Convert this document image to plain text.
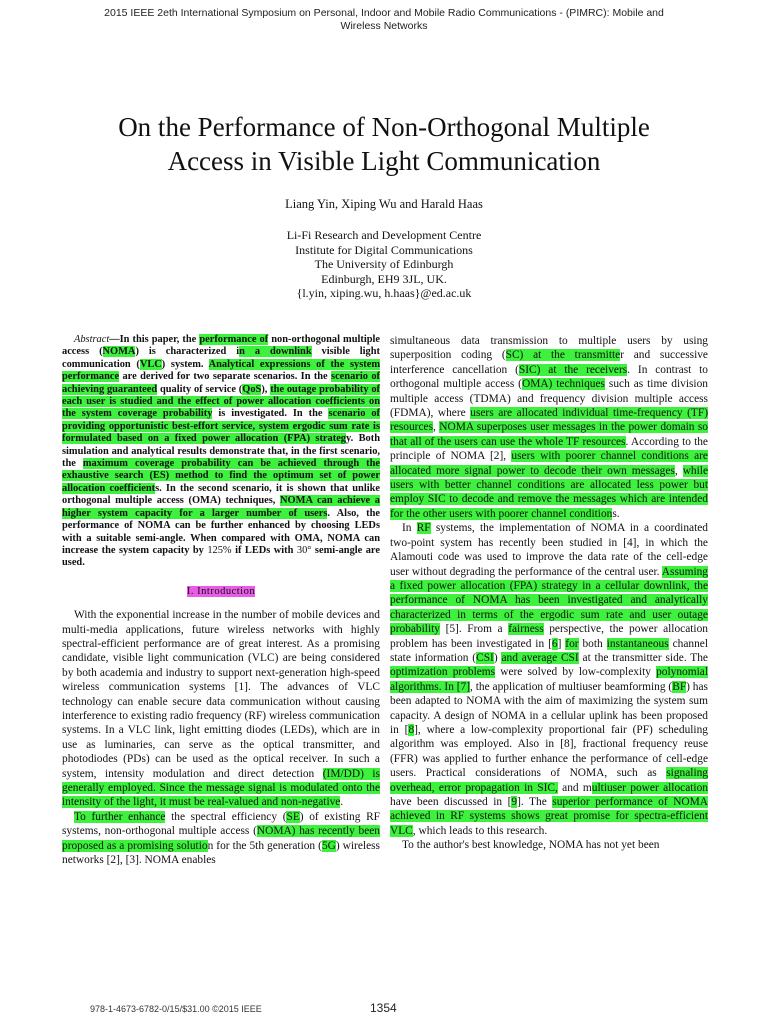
2015 IEEE 2eth International Symposium on Personal, Indoor and Mobile Radio Communications - (PIMRC): Mobile and
Wireless Networks
On the Performance of Non-Orthogonal Multiple
Access in Visible Light Communication
Liang Yin, Xiping Wu and Harald Haas
Li-Fi Research and Development Centre
Institute for Digital Communications
The University of Edinburgh
Edinburgh, EH9 3JL, UK.
{l.yin, xiping.wu, h.haas}@ed.ac.uk

Abstract—In this paper, the performance of non-orthogonal multiple access (NOMA) is characterized in a downlink visible light communication (VLC) system. Analytical expressions of the system performance are derived for two separate scenarios. In the scenario of achieving guaranteed quality of service (QoS), the outage probability of each user is studied and the effect of power allocation coefficients on the system coverage probability is investigated. In the scenario of providing opportunistic best-effort service, system ergodic sum rate is formulated based on a fixed power allocation (FPA) strategy. Both simulation and analytical results demonstrate that, in the first scenario, the maximum coverage probability can be achieved through the exhaustive search (ES) method to find the optimum set of power allocation coefficients. In the second scenario, it is shown that unlike orthogonal multiple access (OMA) techniques, NOMA can achieve a higher system capacity for a larger number of users. Also, the performance of NOMA can be further enhanced by choosing LEDs with a suitable semi-angle. When compared with OMA, NOMA can increase the system capacity by 125% if LEDs with 30° semi-angle are used.

I. Introduction

With the exponential increase in the number of mobile devices and multi-media applications, future wireless networks with highly spectral-efficient performance are of great interest. As a promising candidate, visible light communication (VLC) are being considered by both academia and industry to support next-generation high-speed wireless communication systems [1]. The advances of VLC technology can enable secure data communication without causing interference to existing radio frequency (RF) wireless communication systems. In a VLC link, light emitting diodes (LEDs), which are in use as luminaries, can serve as the optical transmitter, and photodiodes (PDs) can be used as the optical receiver. In such a system, intensity modulation and direct detection (IM/DD) is generally employed. Since the message signal is modulated onto the intensity of the light, it must be real-valued and non-negative.

To further enhance the spectral efficiency (SE) of existing RF systems, non-orthogonal multiple access (NOMA) has recently been proposed as a promising solution for the 5th generation (5G) wireless networks [2], [3]. NOMA enables

simultaneous data transmission to multiple users by using superposition coding (SC) at the transmitter and successive interference cancellation (SIC) at the receivers. In contrast to orthogonal multiple access (OMA) techniques such as time division multiple access (TDMA) and frequency division multiple access (FDMA), where users are allocated individual time-frequency (TF) resources, NOMA superposes user messages in the power domain so that all of the users can use the whole TF resources. According to the principle of NOMA [2], users with poorer channel conditions are allocated more signal power to decode their own messages, while users with better channel conditions are allocated less power but employ SIC to decode and remove the messages which are intended for the other users with poorer channel conditions.

In RF systems, the implementation of NOMA in a coordinated two-point system has recently been studied in [4], in which the Alamouti code was used to improve the data rate of the cell-edge user without degrading the performance of the central user. Assuming a fixed power allocation (FPA) strategy in a cellular downlink, the performance of NOMA has been investigated and analytically characterized in terms of the ergodic sum rate and user outage probability [5]. From a fairness perspective, the power allocation problem has been investigated in [6] for both instantaneous channel state information (CSI) and average CSI at the transmitter side. The optimization problems were solved by low-complexity polynomial algorithms. In [7], the application of multiuser beamforming (BF) has been adapted to NOMA with the aim of maximizing the system sum capacity. A design of NOMA in a cellular uplink has been proposed in [8], where a low-complexity proportional fair (PF) scheduling algorithm was employed. Also in [8], fractional frequency reuse (FFR) was applied to further enhance the performance of cell-edge users. Practical considerations of NOMA, such as signaling overhead, error propagation in SIC, and multiuser power allocation have been discussed in [9]. The superior performance of NOMA achieved in RF systems shows great promise for spectra-efficient VLC, which leads to this research.

To the author's best knowledge, NOMA has not yet been

978-1-4673-6782-0/15/$31.00 ©2015 IEEE	1354
